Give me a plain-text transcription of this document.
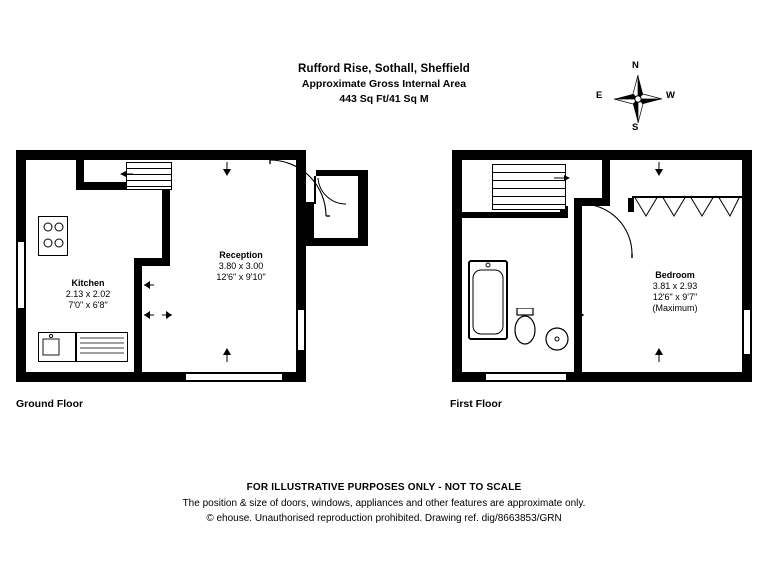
Rufford Rise, Sothall, Sheffield
Approximate Gross Internal Area
443 Sq Ft/41 Sq M
S
N
E	W
Reception
3.80 x 3.00
12'6" x 9'10"
Kitchen
2.13 x 2.02
7'0" x 6'8"
Ground Floor
Bedroom
3.81 x 2.93
12'6" x 9'7"
(Maximum)
First Floor
FOR ILLUSTRATIVE PURPOSES ONLY - NOT TO SCALE
The position & size of doors, windows, appliances and other features are approximate only.
© ehouse. Unauthorised reproduction prohibited. Drawing ref. dig/8663853/GRN
